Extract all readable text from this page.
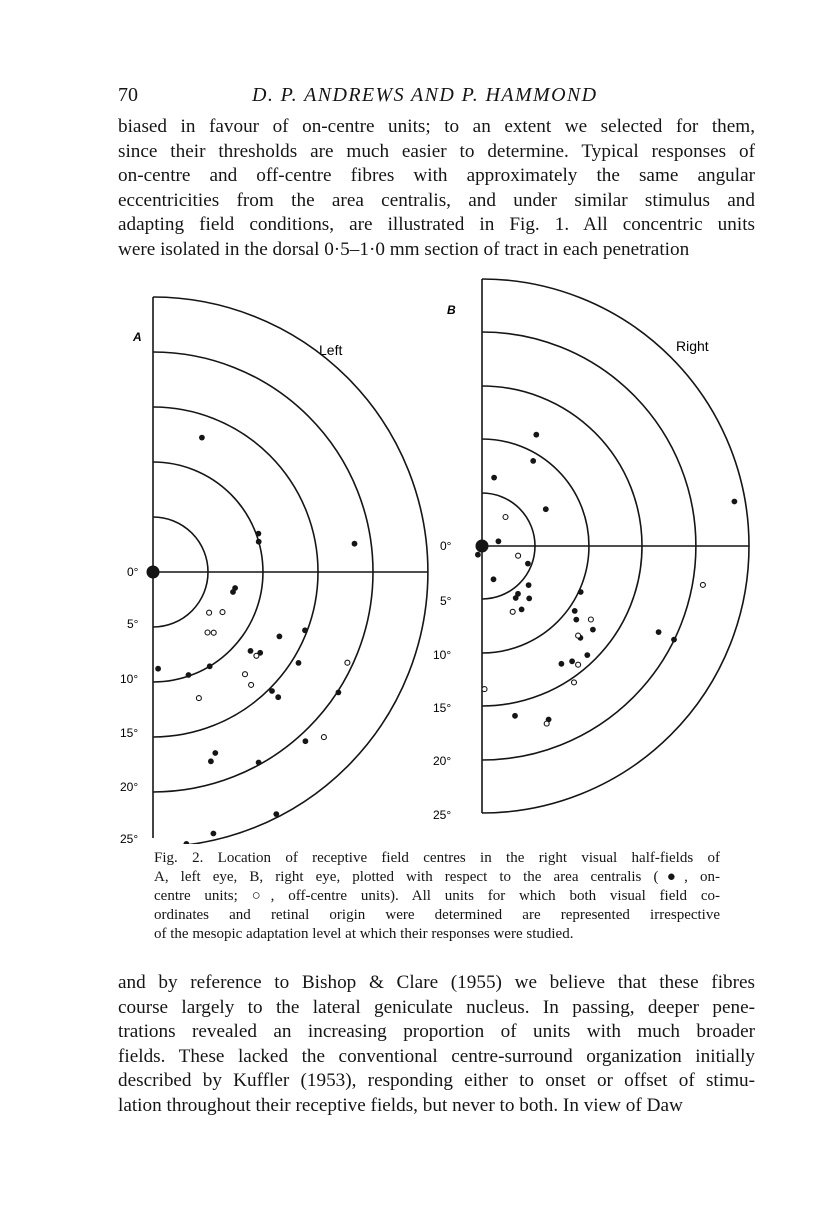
70	D. P. ANDREWS AND P. HAMMOND
biased in favour of on-centre units; to an extent we selected for them,
since their thresholds are much easier to determine. Typical responses of
on-centre and off-centre fibres with approximately the same angular
eccentricities from the area centralis, and under similar stimulus and
adapting field conditions, are illustrated in Fig. 1. All concentric units
were isolated in the dorsal 0·5–1·0 mm section of tract in each penetration
A
Left
0°
5°
10°
15°
20°
25°
B
Right
0°
5°
10°
15°
20°
25°
Fig. 2. Location of receptive field centres in the right visual half-fields of
A, left eye, B, right eye, plotted with respect to the area centralis (●, on-
centre units; ○, off-centre units). All units for which both visual field co-
ordinates and retinal origin were determined are represented irrespective
of the mesopic adaptation level at which their responses were studied.
and by reference to Bishop & Clare (1955) we believe that these fibres
course largely to the lateral geniculate nucleus. In passing, deeper pene-
trations revealed an increasing proportion of units with much broader
fields. These lacked the conventional centre-surround organization initially
described by Kuffler (1953), responding either to onset or offset of stimu-
lation throughout their receptive fields, but never to both. In view of Daw
